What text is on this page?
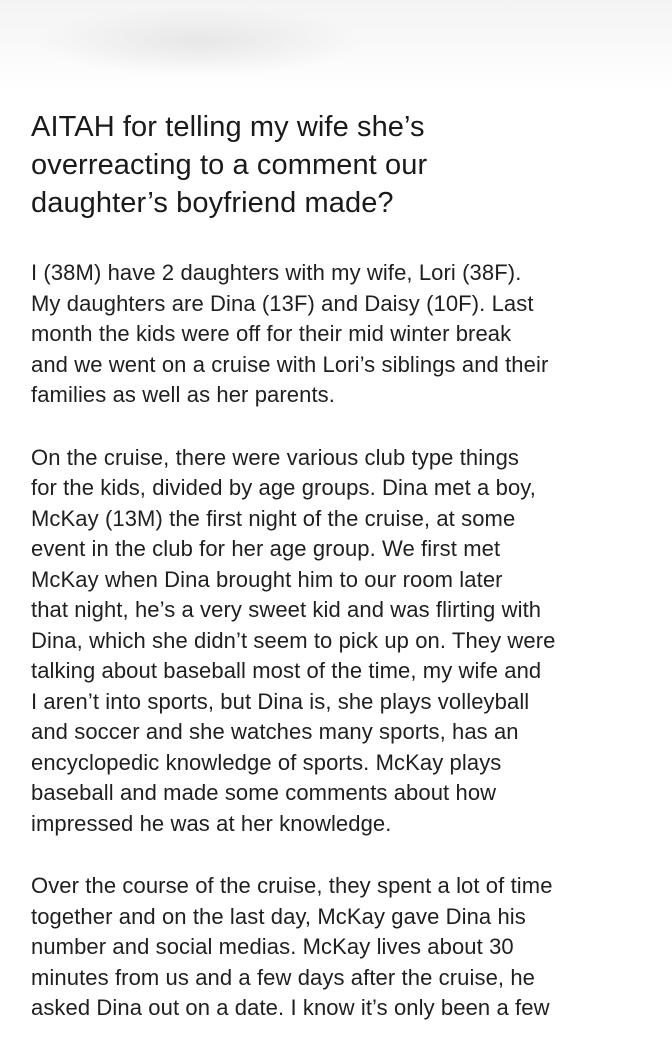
AITAH for telling my wife she’s
overreacting to a comment our
daughter’s boyfriend made?

I (38M) have 2 daughters with my wife, Lori (38F).
My daughters are Dina (13F) and Daisy (10F). Last
month the kids were off for their mid winter break
and we went on a cruise with Lori’s siblings and their
families as well as her parents.

On the cruise, there were various club type things
for the kids, divided by age groups. Dina met a boy,
McKay (13M) the first night of the cruise, at some
event in the club for her age group. We first met
McKay when Dina brought him to our room later
that night, he’s a very sweet kid and was flirting with
Dina, which she didn’t seem to pick up on. They were
talking about baseball most of the time, my wife and
I aren’t into sports, but Dina is, she plays volleyball
and soccer and she watches many sports, has an
encyclopedic knowledge of sports. McKay plays
baseball and made some comments about how
impressed he was at her knowledge.

Over the course of the cruise, they spent a lot of time
together and on the last day, McKay gave Dina his
number and social medias. McKay lives about 30
minutes from us and a few days after the cruise, he
asked Dina out on a date. I know it’s only been a few
